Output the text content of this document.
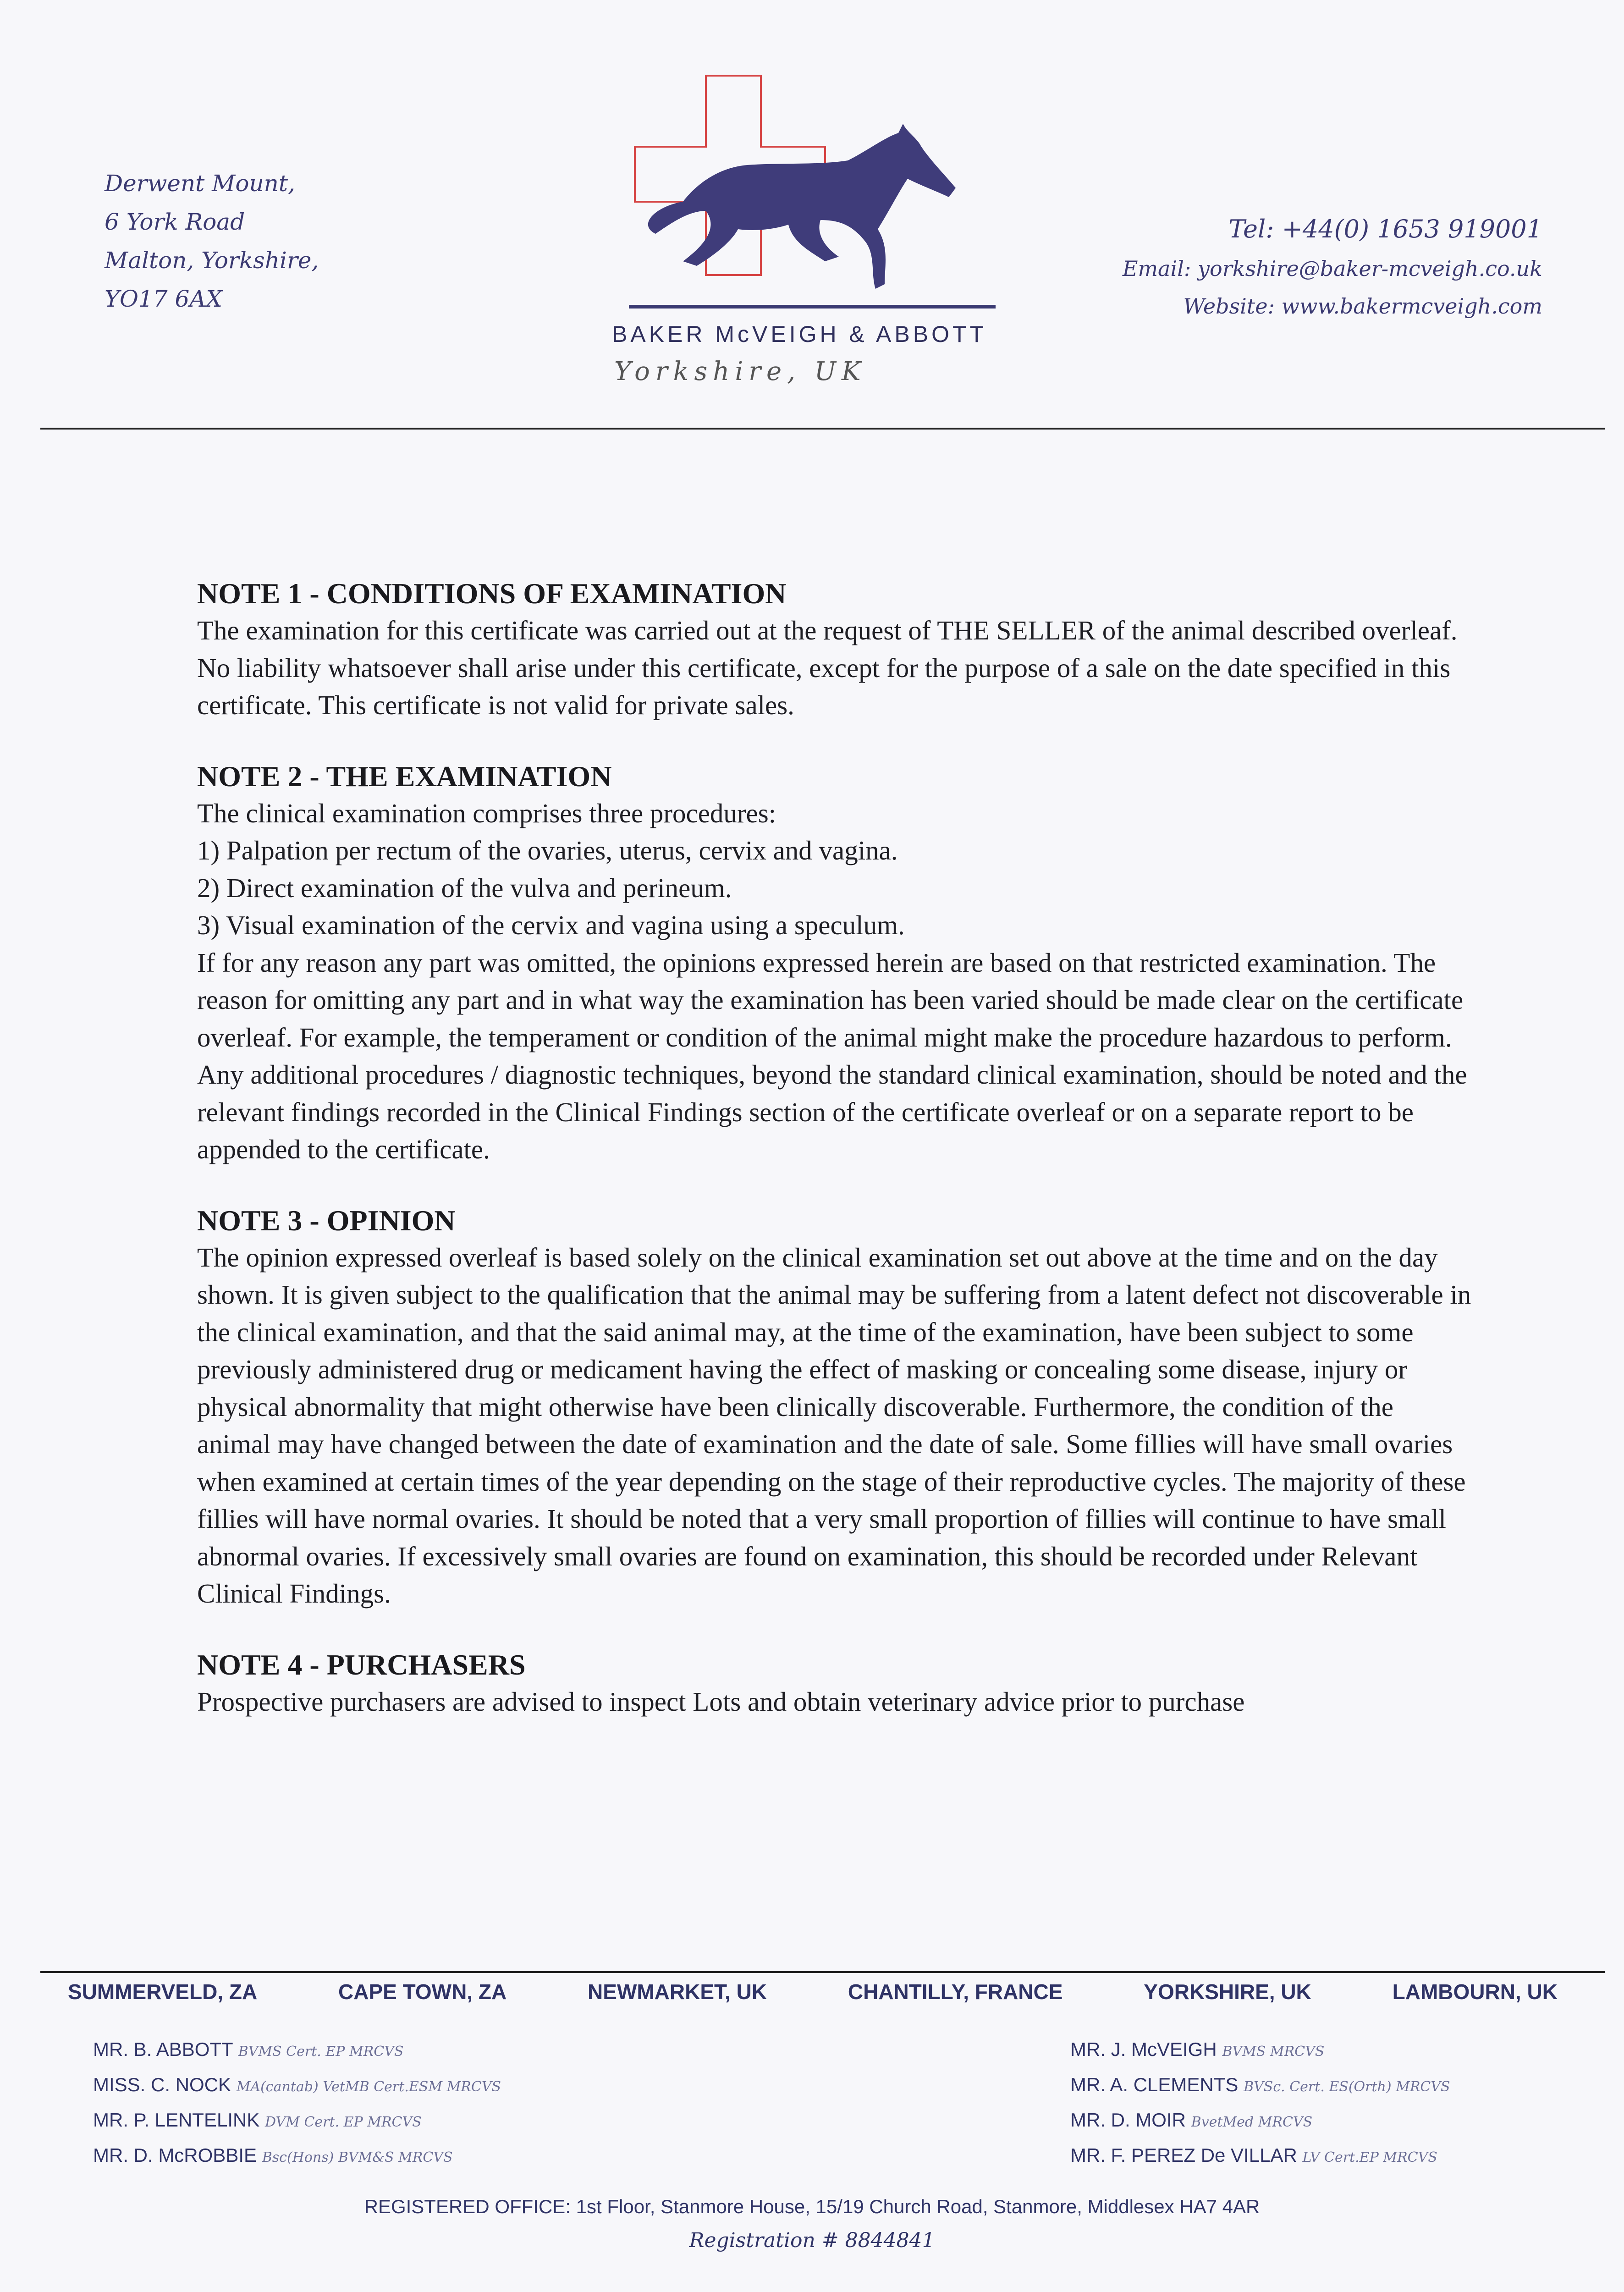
Derwent Mount,
6 York Road
Malton, Yorkshire,
YO17 6AX
BAKER McVEIGH & ABBOTT
Yorkshire, UK
Tel: +44(0) 1653 919001
Email: yorkshire@baker-mcveigh.co.uk
Website: www.bakermcveigh.com
NOTE 1 - CONDITIONS OF EXAMINATION

The examination for this certificate was carried out at the request of THE SELLER of the animal described overleaf. No liability whatsoever shall arise under this certificate, except for the purpose of a sale on the date specified in this certificate. This certificate is not valid for private sales.

NOTE 2 - THE EXAMINATION
The clinical examination comprises three procedures:
1) Palpation per rectum of the ovaries, uterus, cervix and vagina.
2) Direct examination of the vulva and perineum.
3) Visual examination of the cervix and vagina using a speculum.

If for any reason any part was omitted, the opinions expressed herein are based on that restricted examination. The reason for omitting any part and in what way the examination has been varied should be made clear on the certificate overleaf. For example, the temperament or condition of the animal might make the procedure hazardous to perform. Any additional procedures / diagnostic techniques, beyond the standard clinical examination, should be noted and the relevant findings recorded in the Clinical Findings section of the certificate overleaf or on a separate report to be appended to the certificate.

NOTE 3 - OPINION

The opinion expressed overleaf is based solely on the clinical examination set out above at the time and on the day shown. It is given subject to the qualification that the animal may be suffering from a latent defect not discoverable in the clinical examination, and that the said animal may, at the time of the examination, have been subject to some previously administered drug or medicament having the effect of masking or concealing some disease, injury or physical abnormality that might otherwise have been clinically discoverable. Furthermore, the condition of the animal may have changed between the date of examination and the date of sale. Some fillies will have small ovaries when examined at certain times of the year depending on the stage of their reproductive cycles. The majority of these fillies will have normal ovaries. It should be noted that a very small proportion of fillies will continue to have small abnormal ovaries. If excessively small ovaries are found on examination, this should be recorded under Relevant Clinical Findings.

NOTE 4 - PURCHASERS

Prospective purchasers are advised to inspect Lots and obtain veterinary advice prior to purchase

SUMMERVELD, ZA	CAPE TOWN, ZA	NEWMARKET, UK	CHANTILLY, FRANCE	YORKSHIRE, UK	LAMBOURN, UK
MR. B. ABBOTT BVMS Cert. EP MRCVS
MISS. C. NOCK MA(cantab) VetMB Cert.ESM MRCVS
MR. P. LENTELINK DVM Cert. EP MRCVS
MR. D. McROBBIE Bsc(Hons) BVM&S MRCVS
MR. J. McVEIGH BVMS MRCVS
MR. A. CLEMENTS BVSc. Cert. ES(Orth) MRCVS
MR. D. MOIR BvetMed MRCVS
MR. F. PEREZ De VILLAR LV Cert.EP MRCVS
REGISTERED OFFICE: 1st Floor, Stanmore House, 15/19 Church Road, Stanmore, Middlesex HA7 4AR
Registration # 8844841
